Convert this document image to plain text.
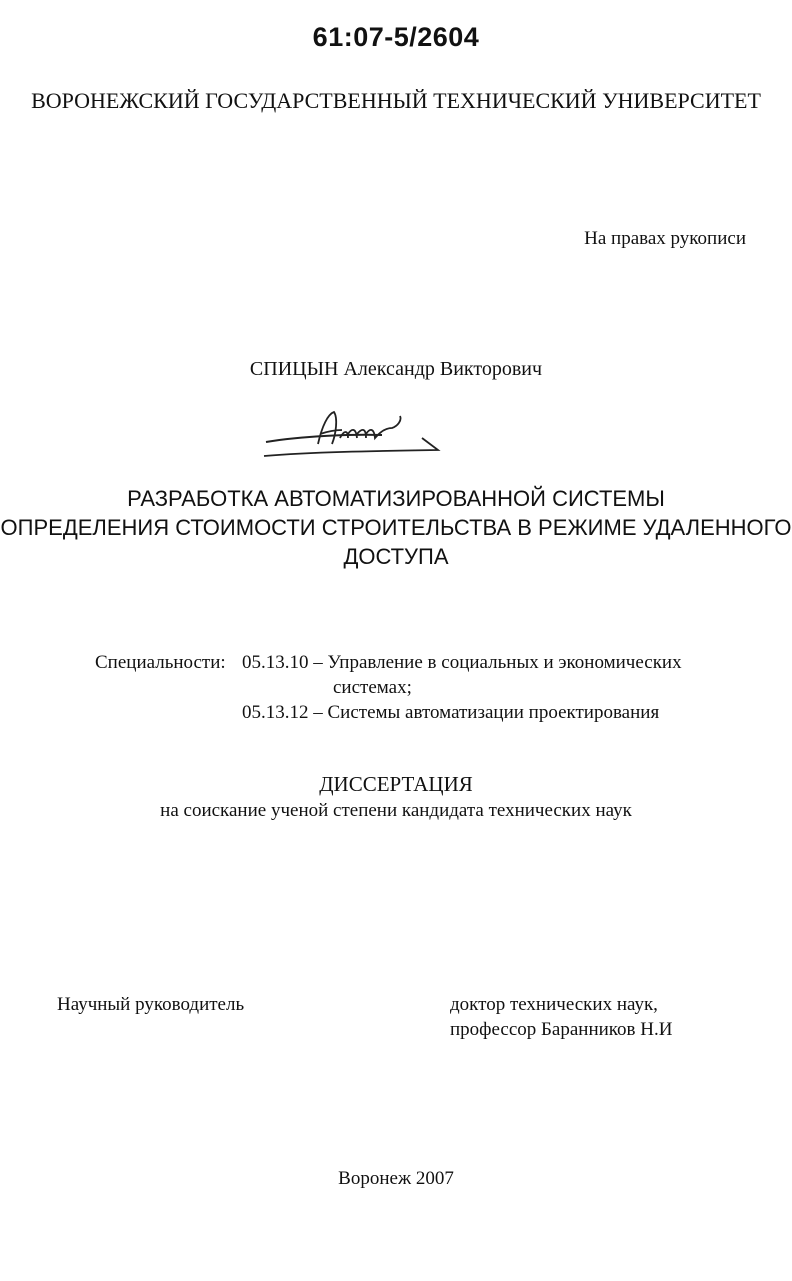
61:07-5/2604
ВОРОНЕЖСКИЙ ГОСУДАРСТВЕННЫЙ ТЕХНИЧЕСКИЙ УНИВЕРСИТЕТ
На правах рукописи
СПИЦЫН Александр Викторович
РАЗРАБОТКА АВТОМАТИЗИРОВАННОЙ СИСТЕМЫ
ОПРЕДЕЛЕНИЯ СТОИМОСТИ СТРОИТЕЛЬСТВА В РЕЖИМЕ УДАЛЕННОГО
ДОСТУПА
Специальности: 05.13.10 – Управление в социальных и экономических
системах;
05.13.12 – Системы автоматизации проектирования
ДИССЕРТАЦИЯ
на соискание ученой степени кандидата технических наук
Научный руководитель	доктор технических наук,
профессор Баранников Н.И
Воронеж 2007
